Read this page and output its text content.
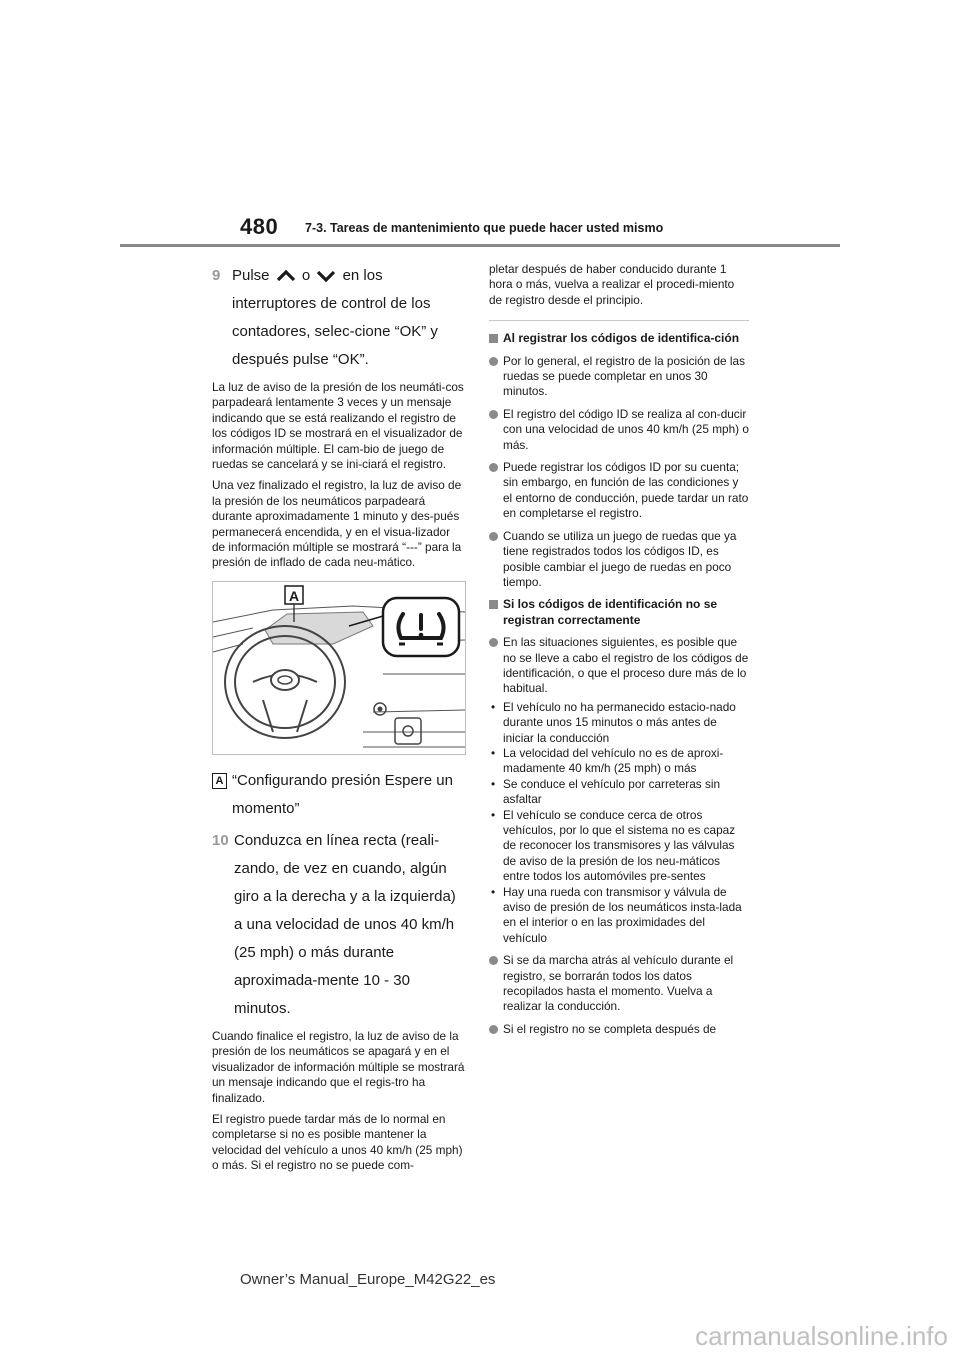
480 7-3. Tareas de mantenimiento que puede hacer usted mismo
9 Pulse o en los interruptores de control de los contadores, selec-cione “OK” y después pulse “OK”.

La luz de aviso de la presión de los neumáti-cos parpadeará lentamente 3 veces y un mensaje indicando que se está realizando el registro de los códigos ID se mostrará en el visualizador de información múltiple. El cam-bio de juego de ruedas se cancelará y se ini-ciará el registro.

Una vez finalizado el registro, la luz de aviso de la presión de los neumáticos parpadeará durante aproximadamente 1 minuto y des-pués permanecerá encendida, y en el visua-lizador de información múltiple se mostrará “---” para la presión de inflado de cada neu-mático.

A
A “Configurando presión Espere un momento”
10 Conduzca en línea recta (reali-zando, de vez en cuando, algún giro a la derecha y a la izquierda) a una velocidad de unos 40 km/h (25 mph) o más durante aproximada-mente 10 - 30 minutos.

Cuando finalice el registro, la luz de aviso de la presión de los neumáticos se apagará y en el visualizador de información múltiple se mostrará un mensaje indicando que el regis-tro ha finalizado.

El registro puede tardar más de lo normal en completarse si no es posible mantener la velocidad del vehículo a unos 40 km/h (25 mph) o más. Si el registro no se puede com-

pletar después de haber conducido durante 1 hora o más, vuelva a realizar el procedi-miento de registro desde el principio.

Al registrar los códigos de identifica-ción
Por lo general, el registro de la posición de las ruedas se puede completar en unos 30 minutos.
El registro del código ID se realiza al con-ducir con una velocidad de unos 40 km/h (25 mph) o más.
Puede registrar los códigos ID por su cuenta; sin embargo, en función de las condiciones y el entorno de conducción, puede tardar un rato en completarse el registro.
Cuando se utiliza un juego de ruedas que ya tiene registrados todos los códigos ID, es posible cambiar el juego de ruedas en poco tiempo.
Si los códigos de identificación no se registran correctamente
En las situaciones siguientes, es posible que no se lleve a cabo el registro de los códigos de identificación, o que el proceso dure más de lo habitual.
• El vehículo no ha permanecido estacio-nado durante unos 15 minutos o más antes de iniciar la conducción
• La velocidad del vehículo no es de aproxi-madamente 40 km/h (25 mph) o más
• Se conduce el vehículo por carreteras sin asfaltar
• El vehículo se conduce cerca de otros vehículos, por lo que el sistema no es capaz de reconocer los transmisores y las válvulas de aviso de la presión de los neu-máticos entre todos los automóviles pre-sentes
• Hay una rueda con transmisor y válvula de aviso de presión de los neumáticos insta-lada en el interior o en las proximidades del vehículo
Si se da marcha atrás al vehículo durante el registro, se borrarán todos los datos recopilados hasta el momento. Vuelva a realizar la conducción.
Si el registro no se completa después de
Owner’s Manual_Europe_M42G22_es
carmanualsonline.info
